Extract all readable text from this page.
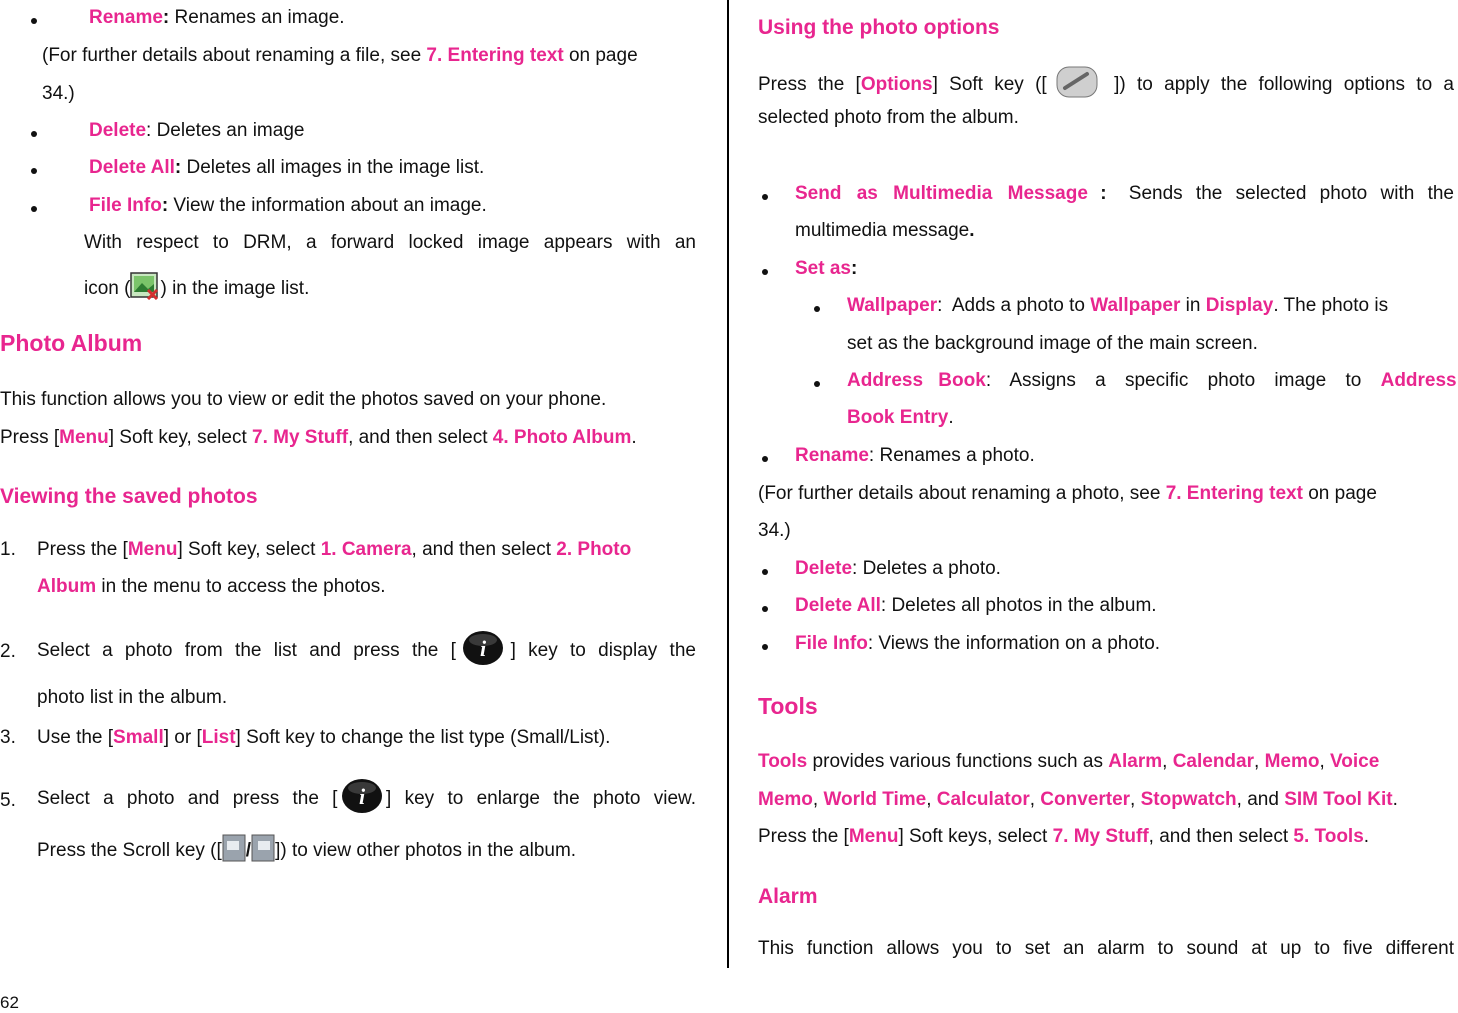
Rename: Renames an image.
(For further details about renaming a file, see 7. Entering text on page
34.)
Delete: Deletes an image
Delete All: Deletes all images in the image list.
File Info: View the information about an image.
With respect to DRM, a forward locked image appears with an
icon ( ) in the image list.
Photo Album
This function allows you to view or edit the photos saved on your phone.
Press [Menu] Soft key, select 7. My Stuff, and then select 4. Photo Album.
Viewing the saved photos
1. Press the [Menu] Soft key, select 1. Camera, and then select 2. Photo
Album in the menu to access the photos.
2. Select a photo from the list and press the [ i ] key to display the
photo list in the album.
3. Use the [Small] or [List] Soft key to change the list type (Small/List).
5. Select a photo and press the [ i ] key to enlarge the photo view.
Press the Scroll key ([ / ]) to view other photos in the album.
62
Using the photo options
Press the [Options] Soft key ([	]) to apply the following options to a
selected photo from the album.
Send as Multimedia Message : Sends the selected photo with the
multimedia message.
Set as:
Wallpaper:  Adds a photo to Wallpaper in Display. The photo is
set as the background image of the main screen.
Address Book : Assigns a specific photo image to Address
Book Entry.
Rename: Renames a photo.
(For further details about renaming a photo, see 7. Entering text on page
34.)
Delete: Deletes a photo.
Delete All: Deletes all photos in the album.
File Info: Views the information on a photo.
Tools
Tools provides various functions such as Alarm, Calendar, Memo, Voice
Memo, World Time, Calculator, Converter, Stopwatch, and SIM Tool Kit.
Press the [Menu] Soft keys, select 7. My Stuff, and then select 5. Tools.
Alarm
This function allows you to set an alarm to sound at up to five different
